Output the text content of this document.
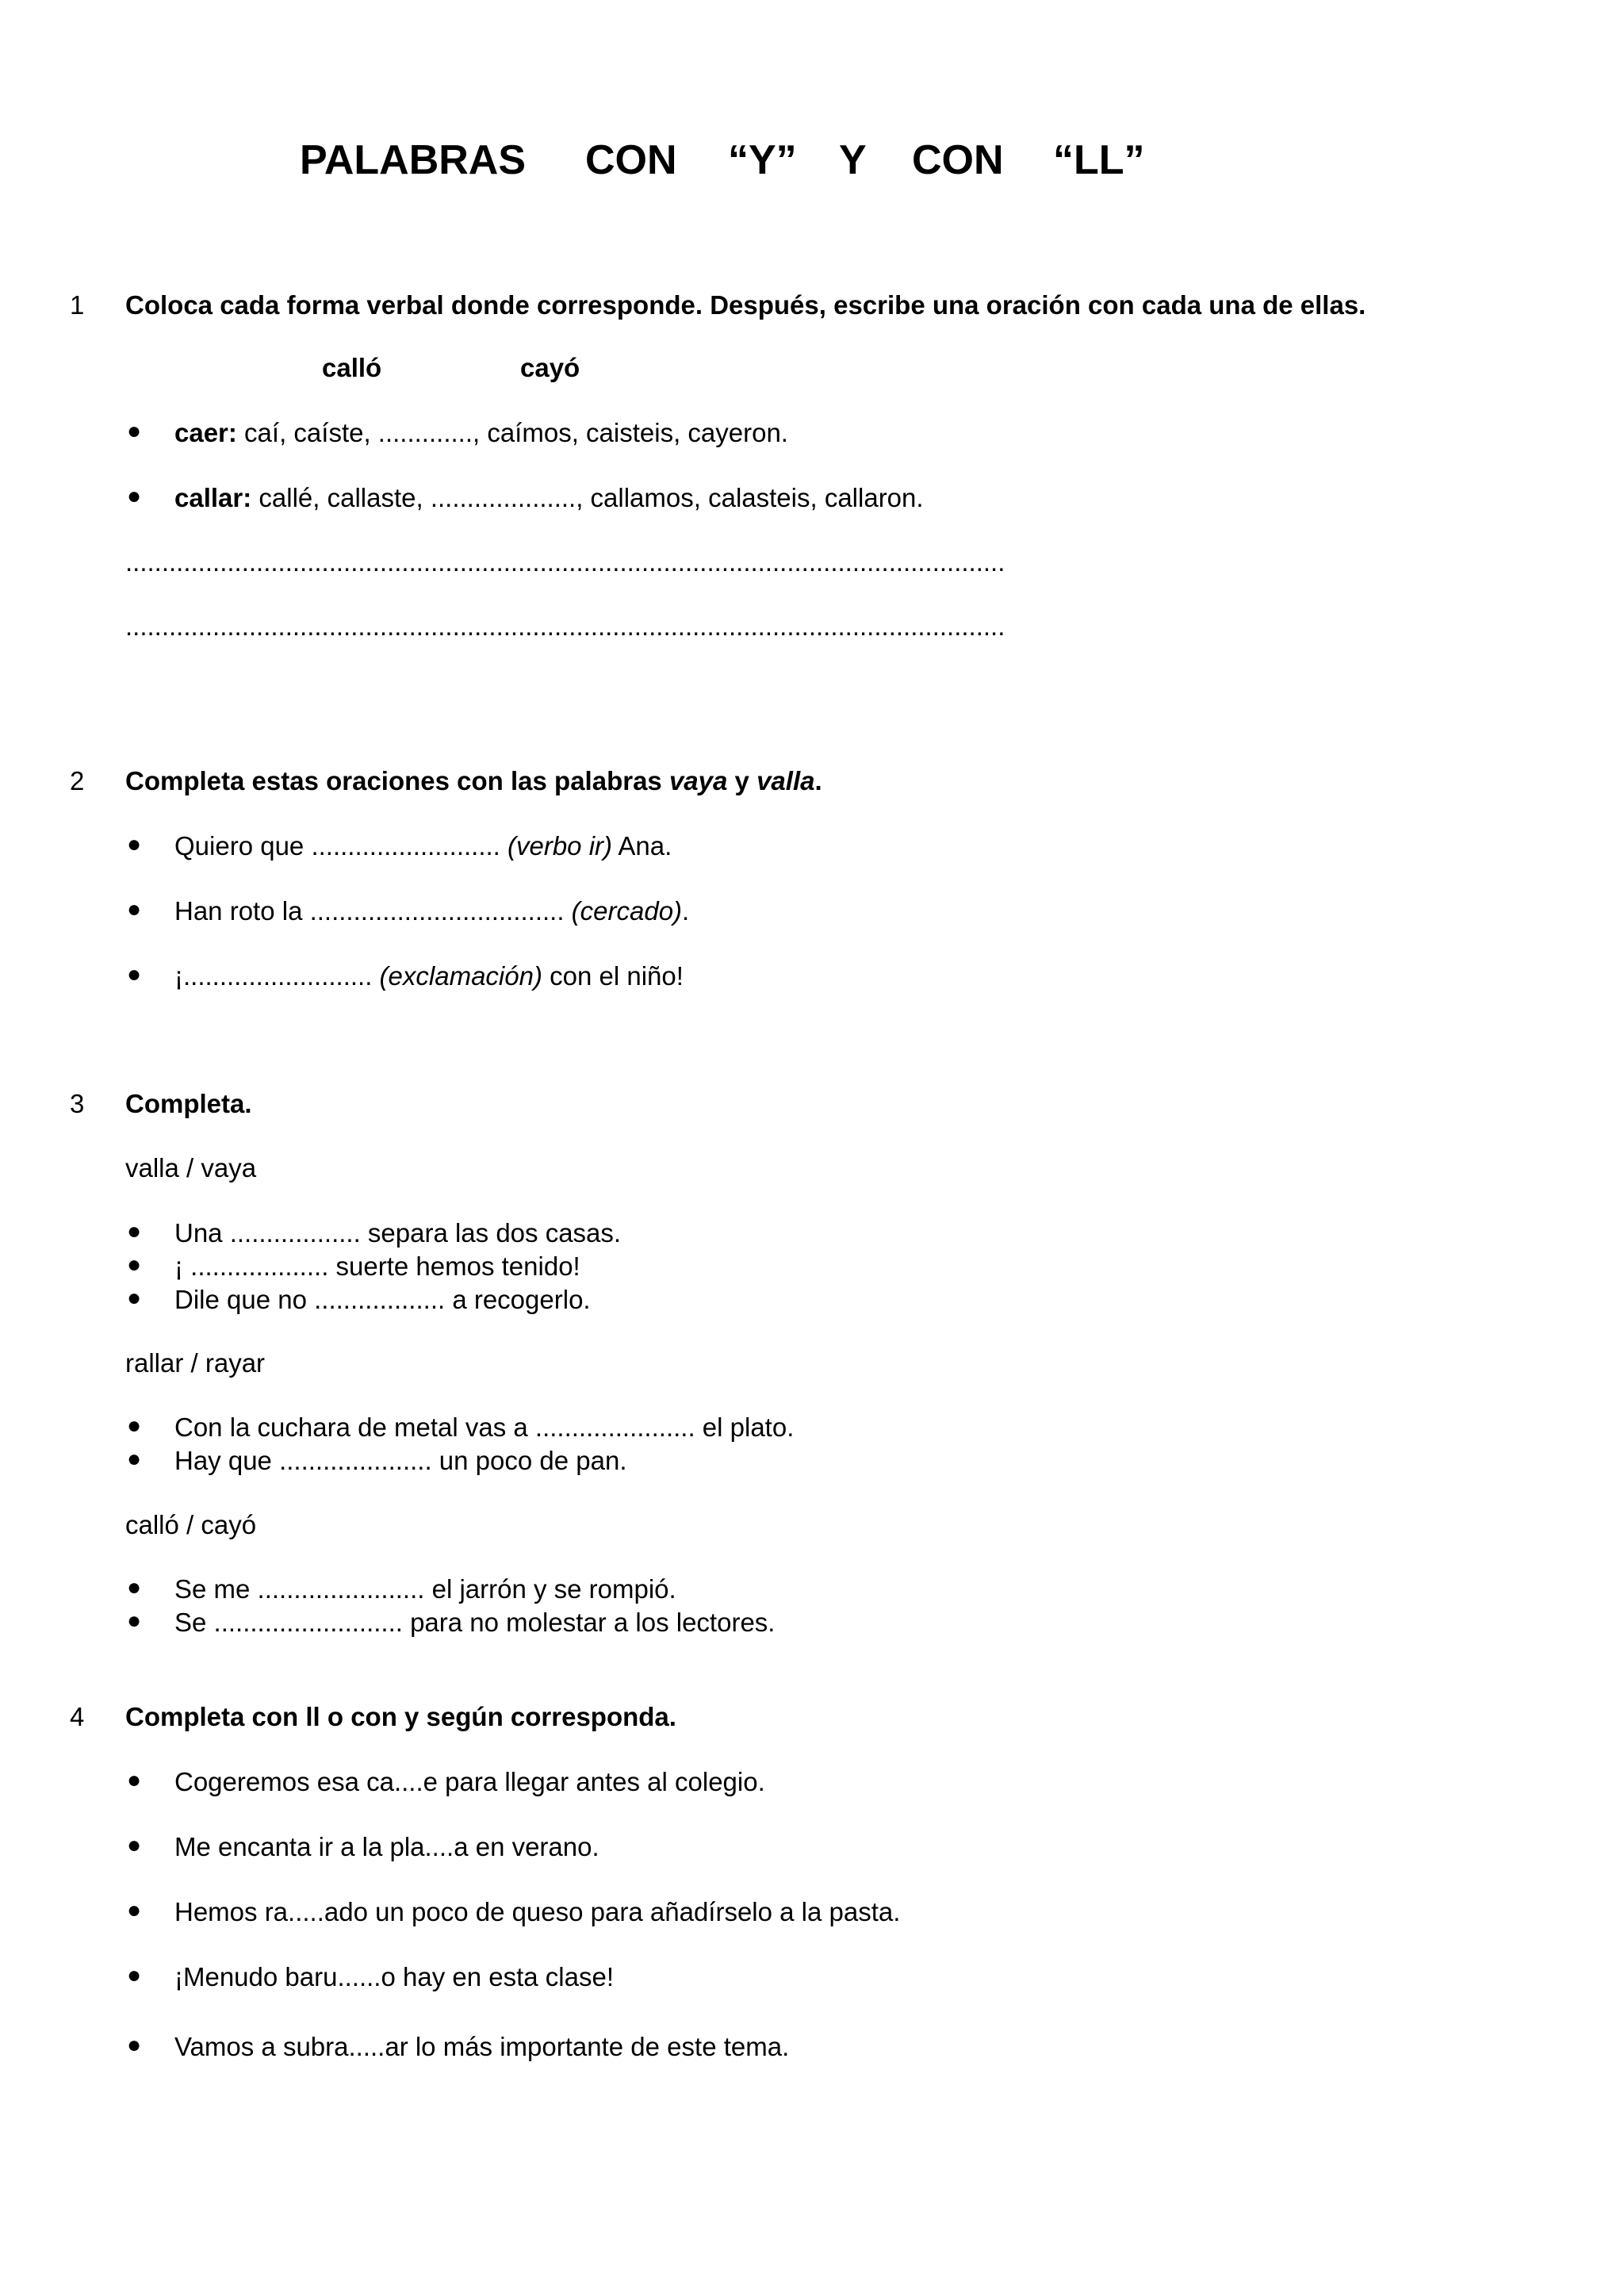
PALABRAS CON “Y” Y CON “LL”
1 Coloca cada forma verbal donde corresponde. Después, escribe una oración con cada una de ellas.
calló	cayó
● caer: caí, caíste, ............., caímos, caisteis, cayeron.
● callar: callé, callaste, ...................., callamos, calasteis, callaron.
.........................................................................................................................
.........................................................................................................................
2 Completa estas oraciones con las palabras vaya y valla.
● Quiero que .......................... (verbo ir) Ana.
● Han roto la ................................... (cercado).
● ¡.......................... (exclamación) con el niño!
3 Completa.
valla / vaya
● Una .................. separa las dos casas.
● ¡ ................... suerte hemos tenido!
● Dile que no .................. a recogerlo.
rallar / rayar
● Con la cuchara de metal vas a ...................... el plato.
● Hay que ..................... un poco de pan.
calló / cayó
● Se me ....................... el jarrón y se rompió.
● Se .......................... para no molestar a los lectores.
4 Completa con ll o con y según corresponda.
● Cogeremos esa ca....e para llegar antes al colegio.
● Me encanta ir a la pla....a en verano.
● Hemos ra.....ado un poco de queso para añadírselo a la pasta.
● ¡Menudo baru......o hay en esta clase!
● Vamos a subra.....ar lo más importante de este tema.
